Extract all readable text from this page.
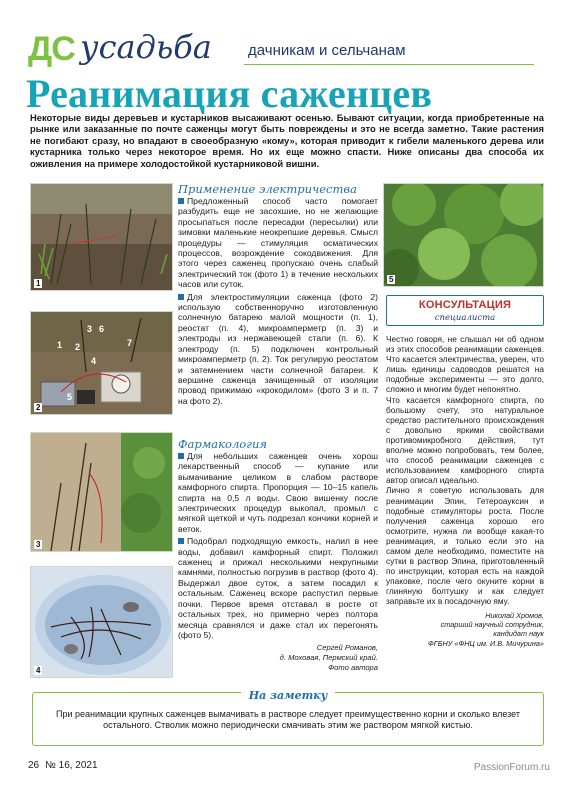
ДС усадьба дачникам и сельчанам
Реанимация саженцев

Некоторые виды деревьев и кустарников высаживают осенью. Бывают ситуации, когда приобретенные на рынке или заказанные по почте саженцы могут быть повреждены и это не всегда заметно. Такие растения не погибают сразу, но впадают в своеобразную «кому», которая приводит к гибели маленького дерева или кустарника только через некоторое время. Но их еще можно спасти. Ниже описаны два способа их оживления на примере холодостойкой кустарниковой вишни.

1
1
3 6
2
4
5
7
2
3
4
5
Применение электричества

Предложенный способ часто помогает разбудить еще не засохшие, но не желающие просыпаться после пересадки (пересылки) или зимовки маленькие неокрепшие деревья. Смысл процедуры — стимуляция осматических процессов, возрождение сокодвижения. Для этого через саженец пропускаю очень слабый электрический ток (фото 1) в течение нескольких часов или суток.

Для электростимуляции саженца (фото 2) использую собственноручно изготовленную солнечную батарею малой мощности (п. 1), реостат (п. 4), микроамперметр (п. 3) и электроды из нержавеющей стали (п. 6). К электроду (п. 5) подключен контрольный микроамперметр (п. 2). Ток регулирую реостатом и затемнением части солнечной батареи. К вершине саженца зачищенный от изоляции провод прижимаю «крокодилом» (фото 3 и п. 7 на фото 2).

Фармакология

Для небольших саженцев очень хорош лекарственный способ — купание или вымачивание целиком в слабом растворе камфорного спирта. Пропорция — 10–15 капель спирта на 0,5 л воды. Свою вишенку после электрических процедур выкопал, промыл с мягкой щеткой и чуть подрезал кончики корней и веток.

Подобрал подходящую емкость, налил в нее воды, добавил камфорный спирт. Положил саженец и прижал несколькими некрупными камнями, полностью погрузив в раствор (фото 4). Выдержал двое суток, а затем посадил к остальным. Саженец вскоре распустил первые почки. Первое время отставал в росте от остальных трех, но примерно через полтора месяца сравнялся и даже стал их перегонять (фото 5).

Сергей Романов,
д. Моховая, Пермский край.
Фото автора
КОНСУЛЬТАЦИЯ
специалиста

Честно говоря, не слышал ни об одном из этих способов реанимации саженцев. Что касается электричества, уверен, что лишь единицы садоводов решатся на подобные эксперименты — это долго, сложно и многим будет непонятно.

Что касается камфорного спирта, по большому счету, это натуральное средство растительного происхождения с довольно яркими свойствами противомикробного действия, тут вполне можно попробовать, тем более, что способ реанимации саженцев с использованием камфорного спирта автор описал идеально.

Лично я советую использовать для реанимации Эпин, Гетероауксин и подобные стимуляторы роста. После получения саженца хорошо его осмотрите, нужна ли вообще какая-то реанимация, и только если это на самом деле необходимо, поместите на сутки в раствор Эпина, приготовленный по инструкции, которая есть на каждой упаковке, после чего окуните корни в глиняную болтушку и как следует заправьте их в посадочную яму.

Николай Хромов,
старший научный сотрудник,
кандидат наук
ФГБНУ «ФНЦ им. И.В. Мичурина»
На заметку

При реанимации крупных саженцев вымачивать в растворе следует преимущественно корни и сколько влезет остального. Стволик можно периодически смачивать этим же раствором мягкой кистью.

26 № 16, 2021	PassionForum.ru
